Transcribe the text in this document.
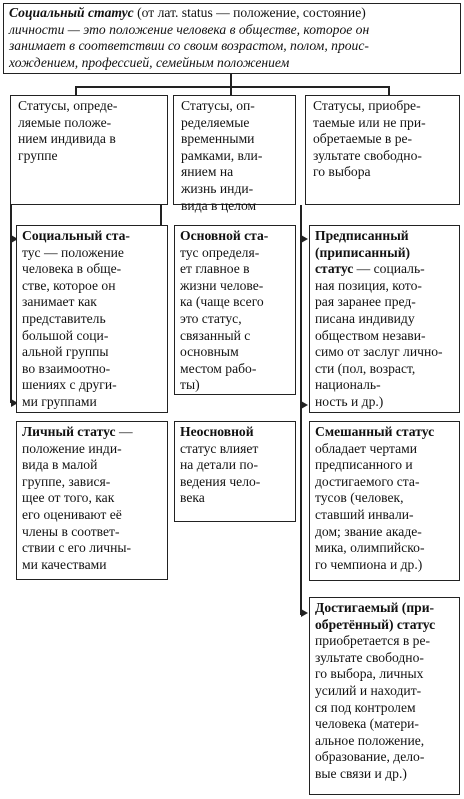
Социальный статус (от лат. status — положение, состояние)
личности — это положение человека в обществе, которое он
занимает в соответствии со своим возрастом, полом, проис-
хождением, профессией, семейным положением
Статусы, опреде-
ляемые положе-
нием индивида в
группе
Статусы, оп-
ределяемые
временными
рамками, вли-
янием на
жизнь инди-
вида в целом
Статусы, приобре-
таемые или не при-
обретаемые в ре-
зультате свободно-
го выбора
Социальный ста-
тус — положение
человека в обще-
стве, которое он
занимает как
представитель
большой соци-
альной группы
во взаимоотно-
шениях с други-
ми группами
Основной ста-
тус определя-
ет главное в
жизни челове-
ка (чаще всего
это статус,
связанный с
основным
местом рабо-
ты)
Предписанный
(приписанный)
статус — социаль-
ная позиция, кото-
рая заранее пред-
писана индивиду
обществом незави-
симо от заслуг лично-
сти (пол, возраст,
националь-
ность и др.)
Личный статус —
положение инди-
вида в малой
группе, завися-
щее от того, как
его оценивают её
члены в соответ-
ствии с его личны-
ми качествами
Неосновной
статус влияет
на детали по-
ведения чело-
века
Смешанный статус
обладает чертами
предписанного и
достигаемого ста-
тусов (человек,
ставший инвали-
дом; звание акаде-
мика, олимпийско-
го чемпиона и др.)
Достигаемый (при-
обретённый) статус
приобретается в ре-
зультате свободно-
го выбора, личных
усилий и находит-
ся под контролем
человека (матери-
альное положение,
образование, дело-
вые связи и др.)
